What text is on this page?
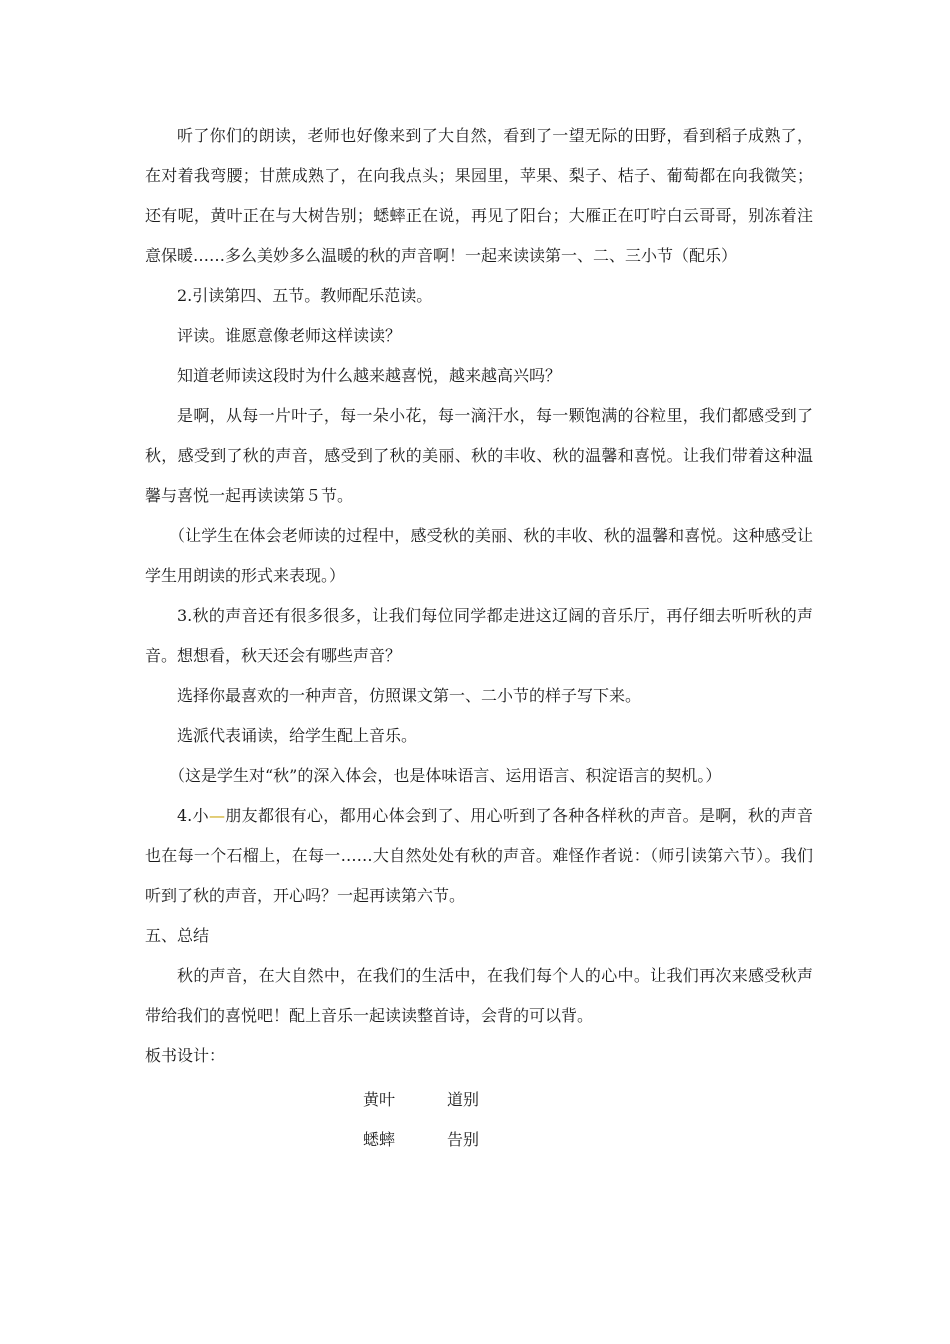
听了你们的朗读，老师也好像来到了大自然，看到了一望无际的田野，看到稻子成熟了，在对着我弯腰；甘蔗成熟了，在向我点头；果园里，苹果、梨子、桔子、葡萄都在向我微笑；还有呢，黄叶正在与大树告别；蟋蟀正在说，再见了阳台；大雁正在叮咛白云哥哥，别冻着注意保暖……多么美妙多么温暖的秋的声音啊！一起来读读第一、二、三小节（配乐）

2.引读第四、五节。教师配乐范读。

评读。谁愿意像老师这样读读？

知道老师读这段时为什么越来越喜悦，越来越高兴吗？

是啊，从每一片叶子，每一朵小花，每一滴汗水，每一颗饱满的谷粒里，我们都感受到了秋，感受到了秋的声音，感受到了秋的美丽、秋的丰收、秋的温馨和喜悦。让我们带着这种温馨与喜悦一起再读读第５节。

（让学生在体会老师读的过程中，感受秋的美丽、秋的丰收、秋的温馨和喜悦。这种感受让学生用朗读的形式来表现。）

3.秋的声音还有很多很多，让我们每位同学都走进这辽阔的音乐厅，再仔细去听听秋的声音。想想看，秋天还会有哪些声音？

选择你最喜欢的一种声音，仿照课文第一、二小节的样子写下来。

选派代表诵读，给学生配上音乐。

（这是学生对“秋”的深入体会，也是体味语言、运用语言、积淀语言的契机。）

4.小—朋友都很有心，都用心体会到了、用心听到了各种各样秋的声音。是啊，秋的声音也在每一个石榴上，在每一……大自然处处有秋的声音。难怪作者说：（师引读第六节）。我们听到了秋的声音，开心吗？一起再读第六节。

五、总结

秋的声音，在大自然中，在我们的生活中，在我们每个人的心中。让我们再次来感受秋声带给我们的喜悦吧！配上音乐一起读读整首诗，会背的可以背。

板书设计：

黄叶	道别
蟋蟀	告别
